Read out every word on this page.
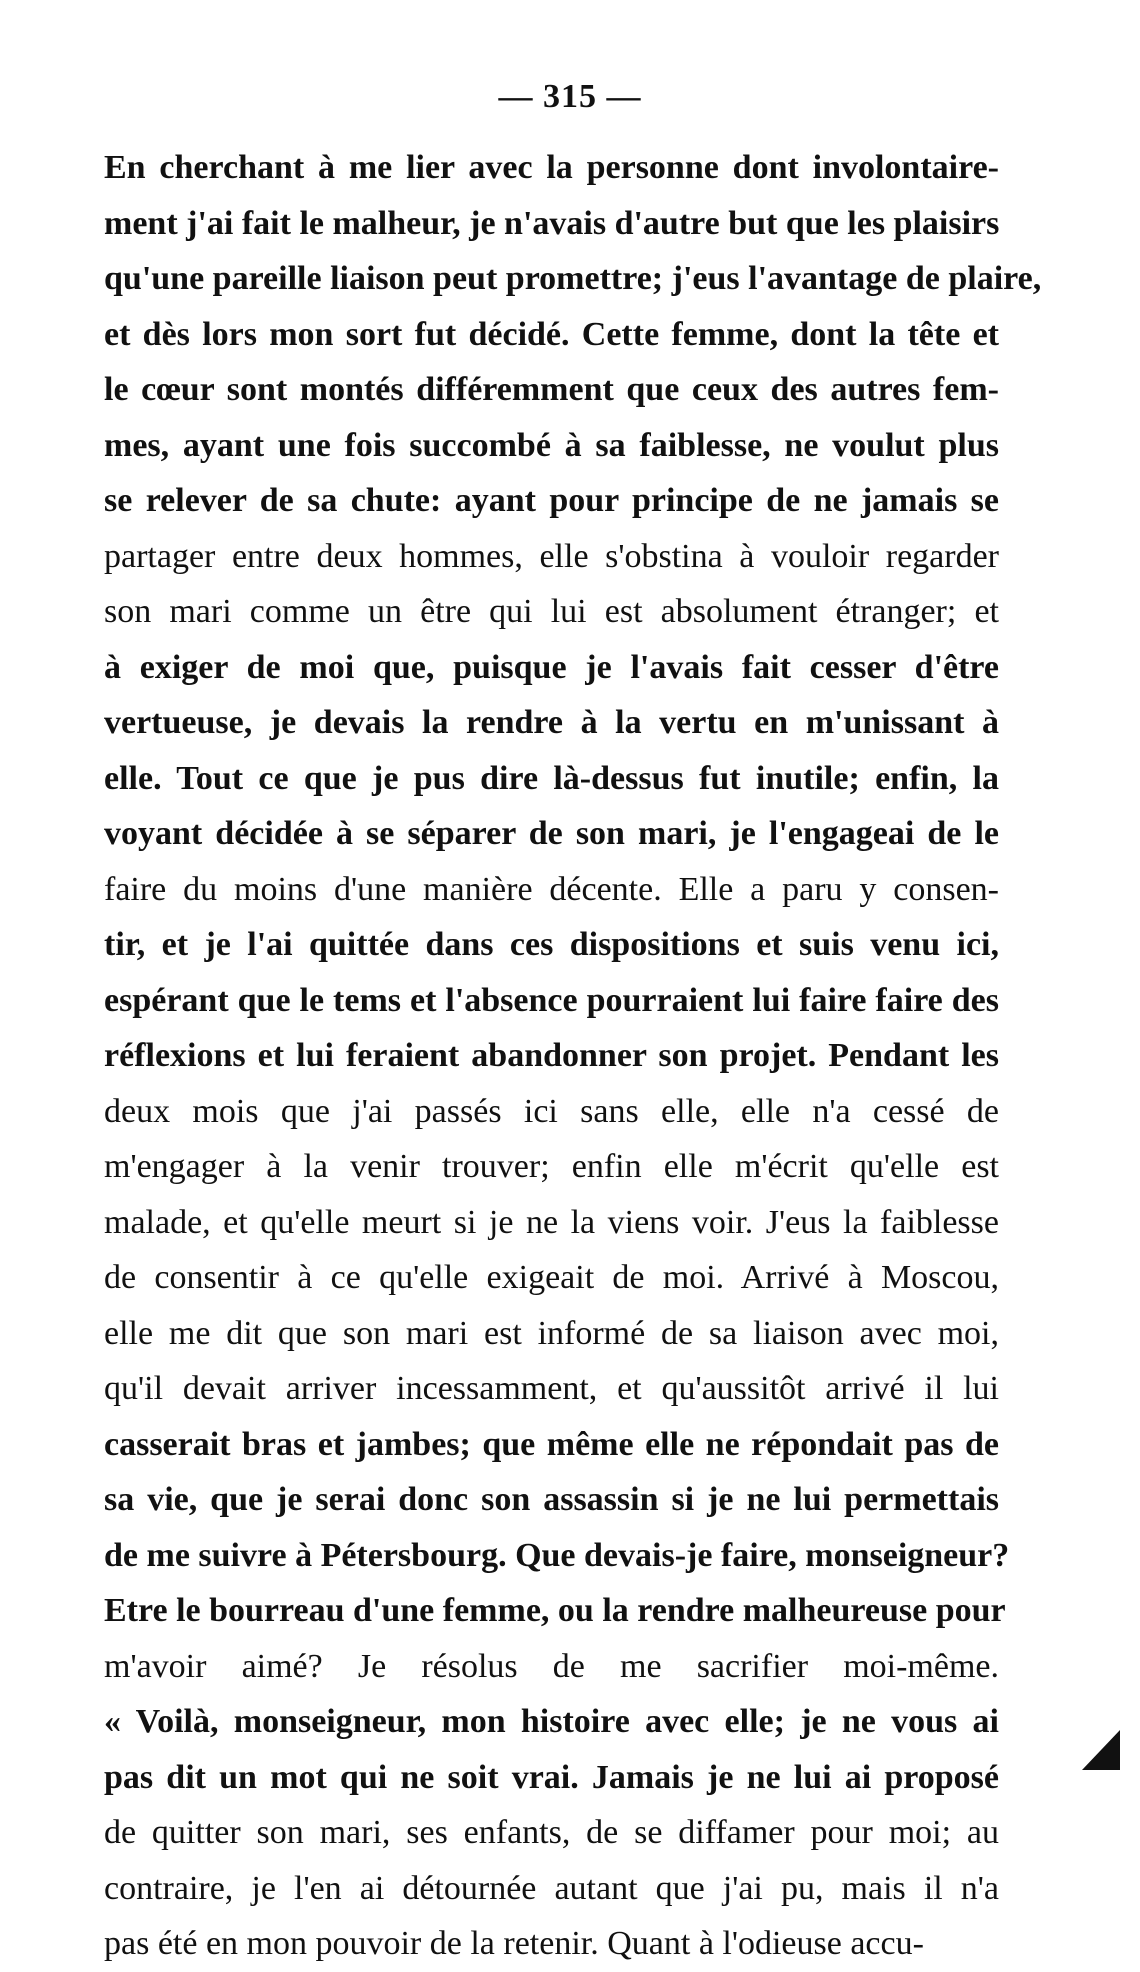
— 315 —
En cherchant à me lier avec la personne dont involontaire-
ment j'ai fait le malheur, je n'avais d'autre but que les plaisirs
qu'une pareille liaison peut promettre; j'eus l'avantage de plaire,
et dès lors mon sort fut décidé. Cette femme, dont la tête et
le cœur sont montés différemment que ceux des autres fem-
mes, ayant une fois succombé à sa faiblesse, ne voulut plus
se relever de sa chute: ayant pour principe de ne jamais se
partager entre deux hommes, elle s'obstina à vouloir regarder
son mari comme un être qui lui est absolument étranger; et
à exiger de moi que, puisque je l'avais fait cesser d'être
vertueuse, je devais la rendre à la vertu en m'unissant à
elle. Tout ce que je pus dire là-dessus fut inutile; enfin, la
voyant décidée à se séparer de son mari, je l'engageai de le
faire du moins d'une manière décente. Elle a paru y consen-
tir, et je l'ai quittée dans ces dispositions et suis venu ici,
espérant que le tems et l'absence pourraient lui faire faire des
réflexions et lui feraient abandonner son projet. Pendant les
deux mois que j'ai passés ici sans elle, elle n'a cessé de
m'engager à la venir trouver; enfin elle m'écrit qu'elle est
malade, et qu'elle meurt si je ne la viens voir. J'eus la faiblesse
de consentir à ce qu'elle exigeait de moi. Arrivé à Moscou,
elle me dit que son mari est informé de sa liaison avec moi,
qu'il devait arriver incessamment, et qu'aussitôt arrivé il lui
casserait bras et jambes; que même elle ne répondait pas de
sa vie, que je serai donc son assassin si je ne lui permettais
de me suivre à Pétersbourg. Que devais-je faire, monseigneur?
Etre le bourreau d'une femme, ou la rendre malheureuse pour
m'avoir aimé? Je résolus de me sacrifier moi-même.
« Voilà, monseigneur, mon histoire avec elle; je ne vous ai
pas dit un mot qui ne soit vrai. Jamais je ne lui ai proposé
de quitter son mari, ses enfants, de se diffamer pour moi; au
contraire, je l'en ai détournée autant que j'ai pu, mais il n'a
pas été en mon pouvoir de la retenir. Quant à l'odieuse accu-
